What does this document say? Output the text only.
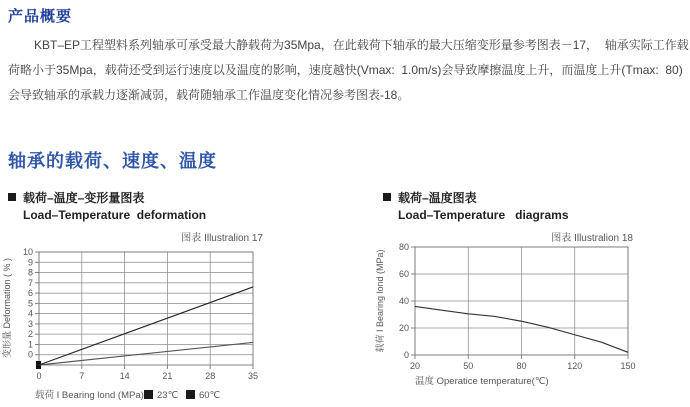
产品概要
KBT–EP工程塑料系列轴承可承受最大静载荷为35Mpa，在此载荷下轴承的最大压缩变形量参考图表－17，  轴承实际工作载
荷略小于35Mpa，载荷还受到运行速度以及温度的影响，速度越快(Vmax:  1.0m/s)会导致摩擦温度上升，而温度上升(Tmax:  80)
会导致轴承的承载力逐渐减弱，载荷随轴承工作温度变化情况参考图表-18。
轴承的载荷、速度、温度
载荷–温度–变形量图表
Load–Temperature  deformation
载荷–温度图表
Load–Temperature   diagrams
0	7	14	21	28	35
0
1
2
3
4
5
6
7
8
9
10
图表 Illustralion 17
载荷 I Bearing lond (MPa)
变形量 Deformation ( % )
23℃ 60℃
20	50	80	120	150
0
20
40
60
80
图表 Illustralion 18
温度 Operatice temperature(℃)
载荷 I Bearing lond (MPa)
